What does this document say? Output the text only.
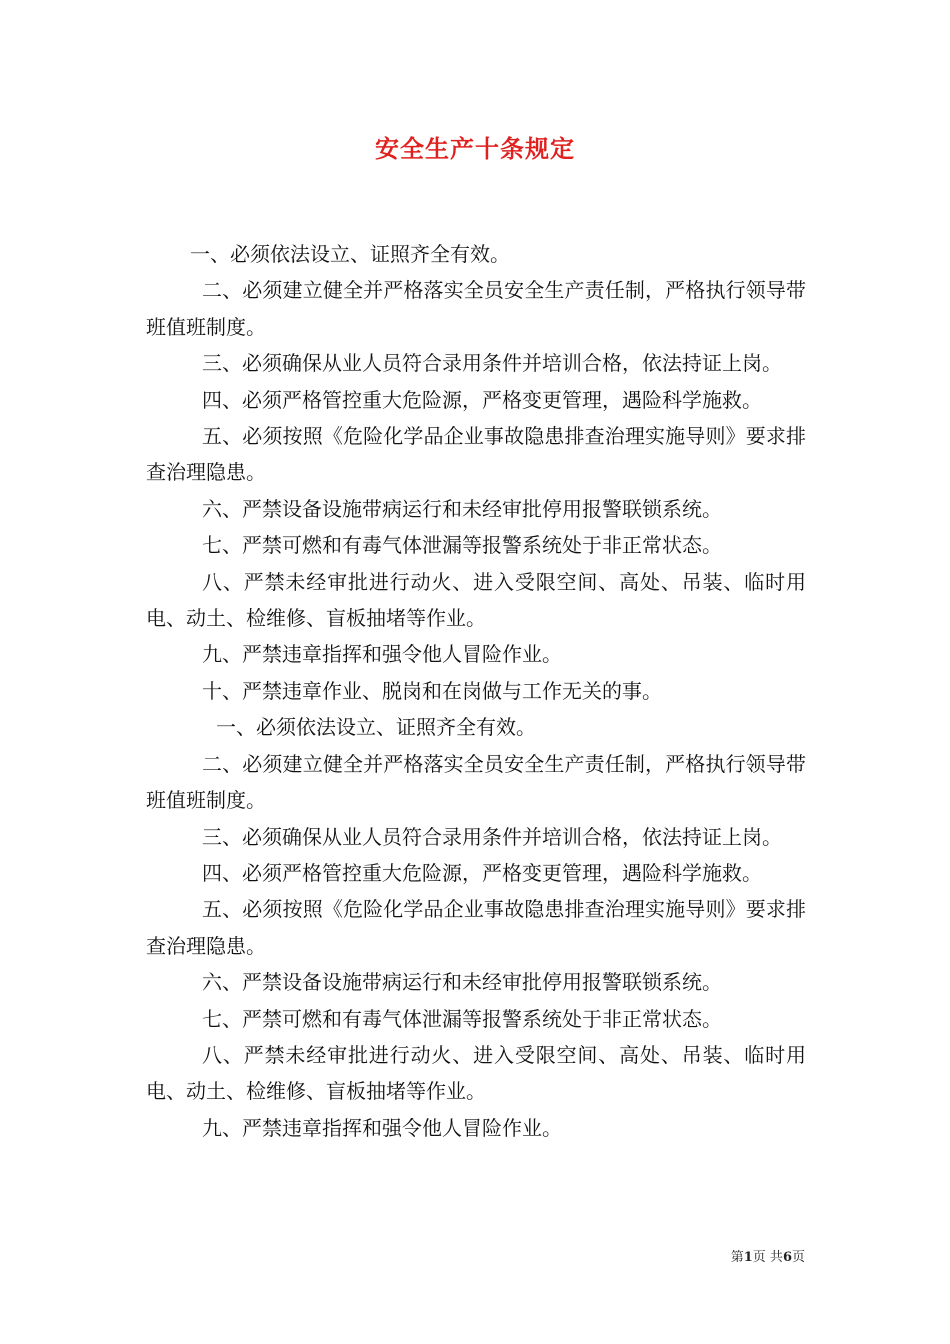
安全生产十条规定

一、必须依法设立、证照齐全有效。

二、必须建立健全并严格落实全员安全生产责任制，严格执行领导带班值班制度。

三、必须确保从业人员符合录用条件并培训合格，依法持证上岗。

四、必须严格管控重大危险源，严格变更管理，遇险科学施救。

五、必须按照《危险化学品企业事故隐患排查治理实施导则》要求排查治理隐患。

六、严禁设备设施带病运行和未经审批停用报警联锁系统。

七、严禁可燃和有毒气体泄漏等报警系统处于非正常状态。

八、严禁未经审批进行动火、进入受限空间、高处、吊装、临时用电、动土、检维修、盲板抽堵等作业。

九、严禁违章指挥和强令他人冒险作业。

十、严禁违章作业、脱岗和在岗做与工作无关的事。

一、必须依法设立、证照齐全有效。

二、必须建立健全并严格落实全员安全生产责任制，严格执行领导带班值班制度。

三、必须确保从业人员符合录用条件并培训合格，依法持证上岗。

四、必须严格管控重大危险源，严格变更管理，遇险科学施救。

五、必须按照《危险化学品企业事故隐患排查治理实施导则》要求排查治理隐患。

六、严禁设备设施带病运行和未经审批停用报警联锁系统。

七、严禁可燃和有毒气体泄漏等报警系统处于非正常状态。

八、严禁未经审批进行动火、进入受限空间、高处、吊装、临时用电、动土、检维修、盲板抽堵等作业。

九、严禁违章指挥和强令他人冒险作业。

第1页 共6页
